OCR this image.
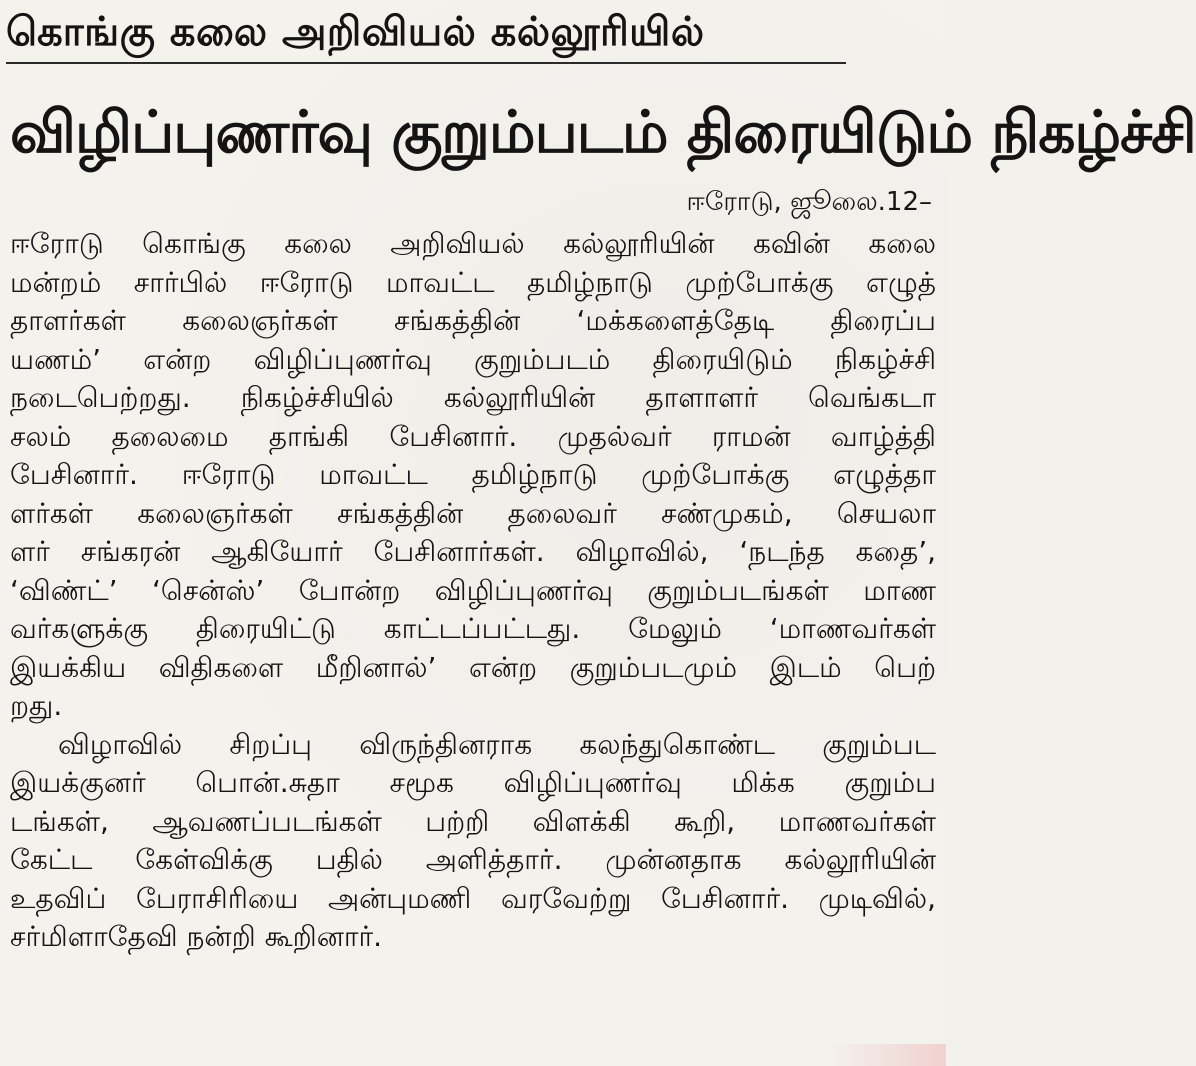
கொங்கு கலை அறிவியல் கல்லூரியில்
விழிப்புணர்வு குறும்படம் திரையிடும் நிகழ்ச்சி
ஈரோடு, ஜூலை.12–
ஈரோடு கொங்கு கலை அறிவியல் கல்லூரியின் கவின் கலை
மன்றம் சார்பில் ஈரோடு மாவட்ட தமிழ்நாடு முற்போக்கு எழுத்
தாளர்கள் கலைஞர்கள் சங்கத்தின் ‘மக்களைத்தேடி திரைப்ப
யணம்’ என்ற விழிப்புணர்வு குறும்படம் திரையிடும் நிகழ்ச்சி
நடைபெற்றது. நிகழ்ச்சியில் கல்லூரியின் தாளாளர் வெங்கடா
சலம் தலைமை தாங்கி பேசினார். முதல்வர் ராமன் வாழ்த்தி
பேசினார். ஈரோடு மாவட்ட தமிழ்நாடு முற்போக்கு எழுத்தா
ளர்கள் கலைஞர்கள் சங்கத்தின் தலைவர் சண்முகம், செயலா
ளர் சங்கரன் ஆகியோர் பேசினார்கள். விழாவில், ‘நடந்த கதை’,
‘விண்ட்’ ‘சென்ஸ்’ போன்ற விழிப்புணர்வு குறும்படங்கள் மாண
வர்களுக்கு திரையிட்டு காட்டப்பட்டது. மேலும் ‘மாணவர்கள்
இயக்கிய விதிகளை மீறினால்’ என்ற குறும்படமும் இடம் பெற்
றது.
விழாவில் சிறப்பு விருந்தினராக கலந்துகொண்ட குறும்பட
இயக்குனர் பொன்.சுதா சமூக விழிப்புணர்வு மிக்க குறும்ப
டங்கள், ஆவணப்படங்கள் பற்றி விளக்கி கூறி, மாணவர்கள்
கேட்ட கேள்விக்கு பதில் அளித்தார். முன்னதாக கல்லூரியின்
உதவிப் பேராசிரியை அன்புமணி வரவேற்று பேசினார். முடிவில்,
சர்மிளாதேவி நன்றி கூறினார்.
